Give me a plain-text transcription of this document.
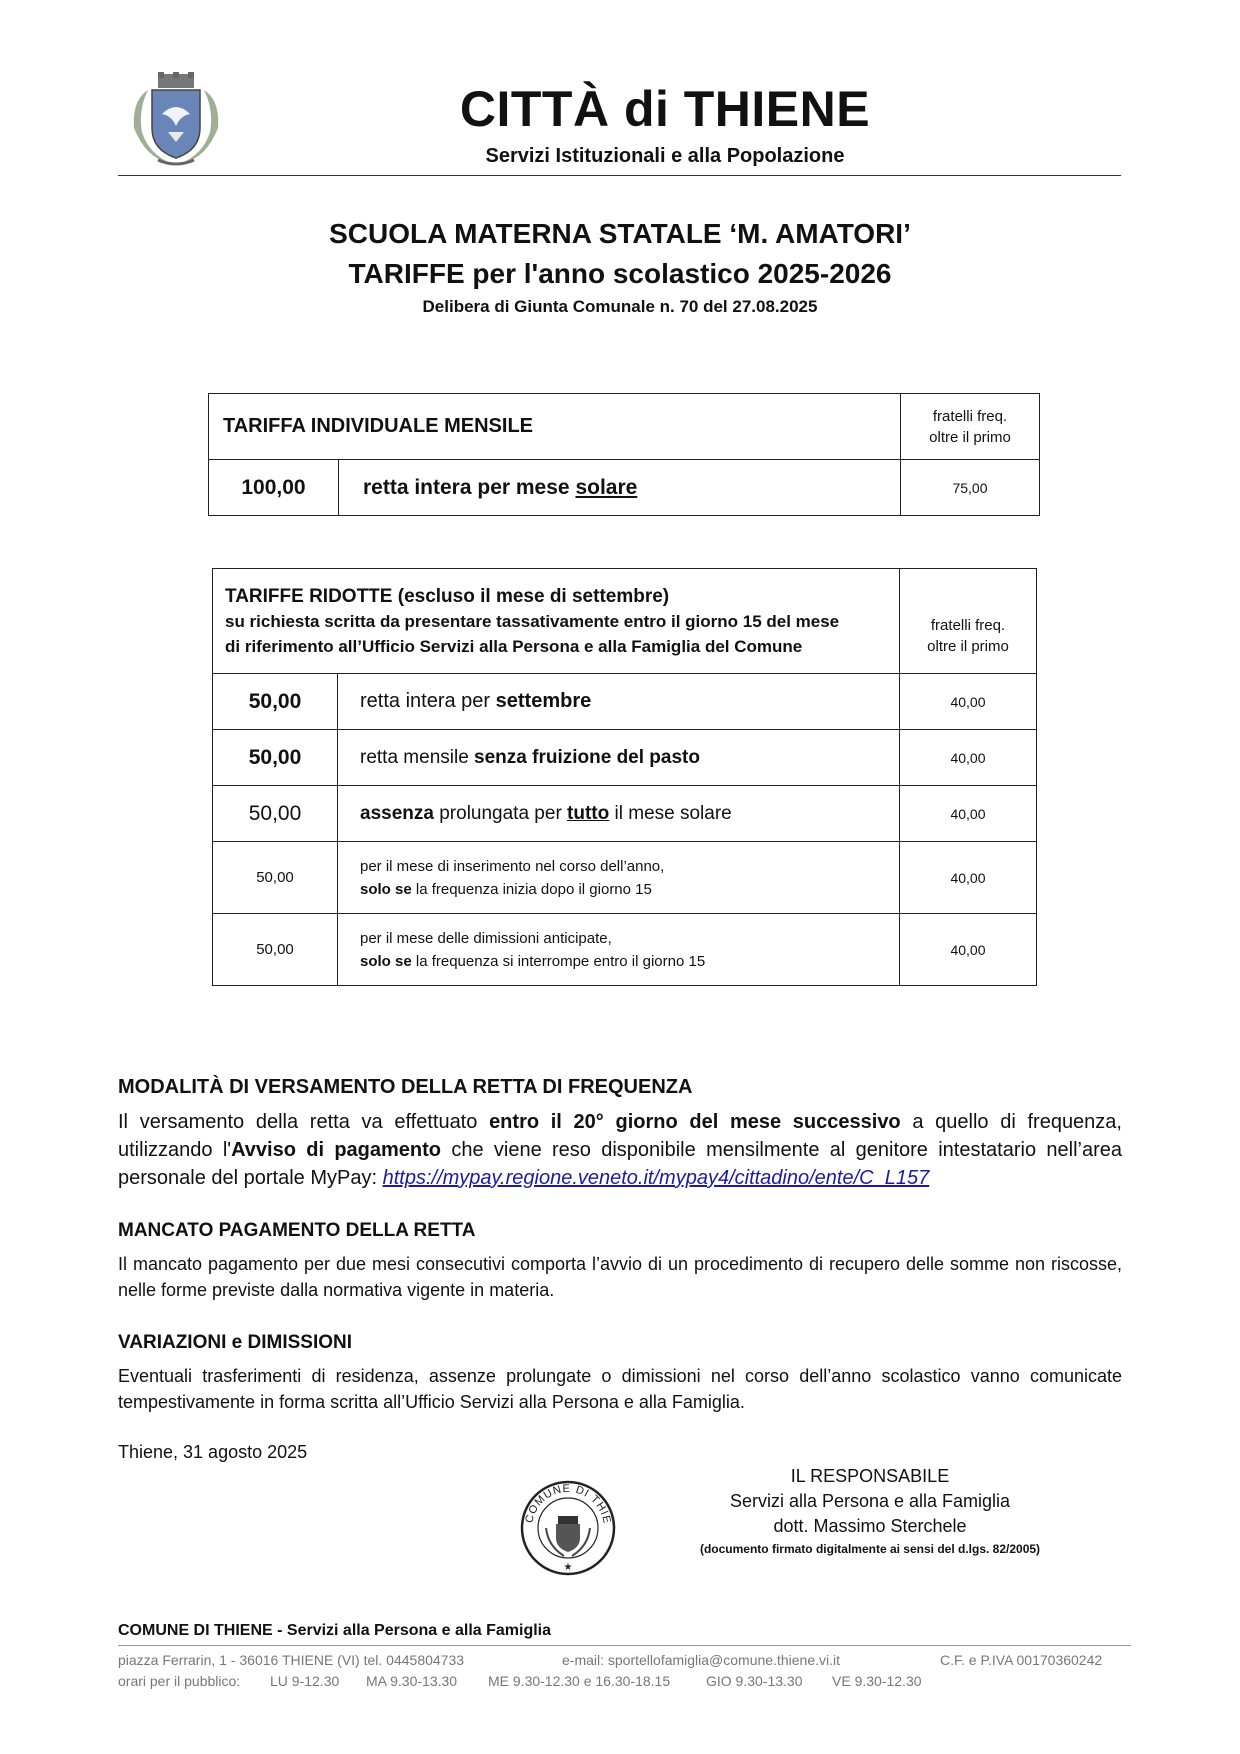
CITTÀ di THIENE
Servizi Istituzionali e alla Popolazione
SCUOLA MATERNA STATALE ‘M. AMATORI’
TARIFFE per l'anno scolastico 2025-2026
Delibera di Giunta Comunale n. 70 del 27.08.2025
TARIFFA INDIVIDUALE MENSILE		fratelli freq.
oltre il primo
100,00	retta intera per mese solare	75,00
TARIFFE RIDOTTE (escluso il mese di settembre)
su richiesta scritta da presentare tassativamente entro il giorno 15 del mese
di riferimento all’Ufficio Servizi alla Persona e alla Famiglia del Comune		fratelli freq.
oltre il primo
50,00	retta intera per settembre	40,00
50,00	retta mensile senza fruizione del pasto	40,00
50,00	assenza prolungata per tutto il mese solare	40,00
50,00	per il mese di inserimento nel corso dell’anno,
solo se la frequenza inizia dopo il giorno 15	40,00
50,00	per il mese delle dimissioni anticipate,
solo se la frequenza si interrompe entro il giorno 15	40,00
MODALITÀ DI VERSAMENTO DELLA RETTA DI FREQUENZA
Il versamento della retta va effettuato entro il 20° giorno del mese successivo a quello di frequenza, utilizzando l'Avviso di pagamento che viene reso disponibile mensilmente al genitore intestatario nell’area personale del portale MyPay: https://mypay.regione.veneto.it/mypay4/cittadino/ente/C_L157
MANCATO PAGAMENTO DELLA RETTA
Il mancato pagamento per due mesi consecutivi comporta l’avvio di un procedimento di recupero delle somme non riscosse, nelle forme previste dalla normativa vigente in materia.
VARIAZIONI e DIMISSIONI
Eventuali trasferimenti di residenza, assenze prolungate o dimissioni nel corso dell’anno scolastico vanno comunicate tempestivamente in forma scritta all’Ufficio Servizi alla Persona e alla Famiglia.
Thiene, 31 agosto 2025
COMUNE DI THIE
★
IL RESPONSABILE
Servizi alla Persona e alla Famiglia
dott. Massimo Sterchele
(documento firmato digitalmente ai sensi del d.lgs. 82/2005)
COMUNE DI THIENE - Servizi alla Persona e alla Famiglia
piazza Ferrarin, 1 - 36016 THIENE (VI) tel. 0445804733	e-mail: sportellofamiglia@comune.thiene.vi.it	C.F. e P.IVA 00170360242
orari per il pubblico: LU 9-12.30 MA 9.30-13.30 ME 9.30-12.30 e 16.30-18.15	GIO 9.30-13.30 VE 9.30-12.30
